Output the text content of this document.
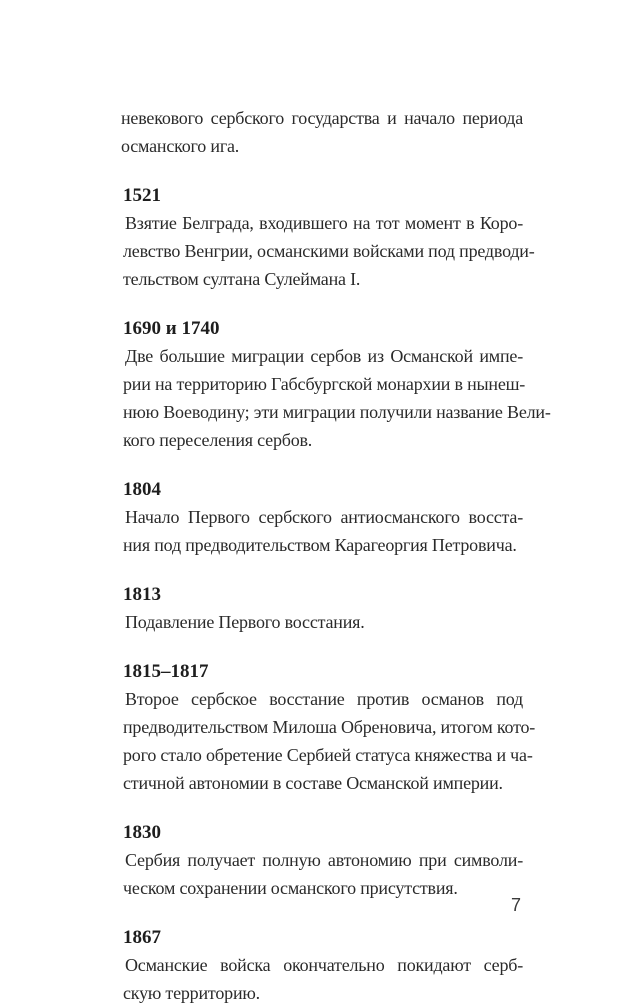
невекового сербского государства и начало периода
османского ига.

1521

Взятие Белграда, входившего на тот момент в Коро-
левство Венгрии, османскими войсками под предводи-
тельством султана Сулеймана I.

1690 и 1740

Две большие миграции сербов из Османской импе-
рии на территорию Габсбургской монархии в нынеш-
нюю Воеводину; эти миграции получили название Вели-
кого переселения сербов.

1804

Начало Первого сербского антиосманского восста-
ния под предводительством Карагеоргия Петровича.

1813

Подавление Первого восстания.

1815–1817

Второе сербское восстание против османов под
предводительством Милоша Обреновича, итогом кото-
рого стало обретение Сербией статуса княжества и ча-
стичной автономии в составе Османской империи.

1830

Сербия получает полную автономию при символи-
ческом сохранении османского присутствия.

1867

Османские войска окончательно покидают серб-
скую территорию.

7
